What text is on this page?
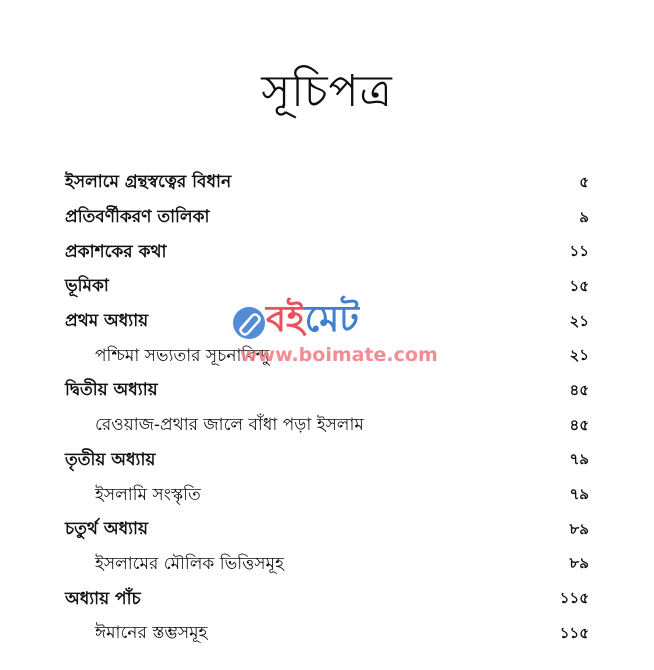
সূচিপত্র
ইসলামে গ্রন্থস্বত্বের বিধান	৫
প্রতিবর্ণীকরণ তালিকা	৯
প্রকাশকের কথা	১১
ভূমিকা	১৫
প্রথম অধ্যায়	২১
পশ্চিমা সভ্যতার সূচনাবিন্দু	২১
দ্বিতীয় অধ্যায়	৪৫
রেওয়াজ-প্রথার জালে বাঁধা পড়া ইসলাম	৪৫
তৃতীয় অধ্যায়	৭৯
ইসলামি সংস্কৃতি	৭৯
চতুর্থ অধ্যায়	৮৯
ইসলামের মৌলিক ভিত্তিসমূহ	৮৯
অধ্যায় পাঁচ	১১৫
ঈমানের স্তম্ভসমূহ	১১৫
বইমেট
www.boimate.com
